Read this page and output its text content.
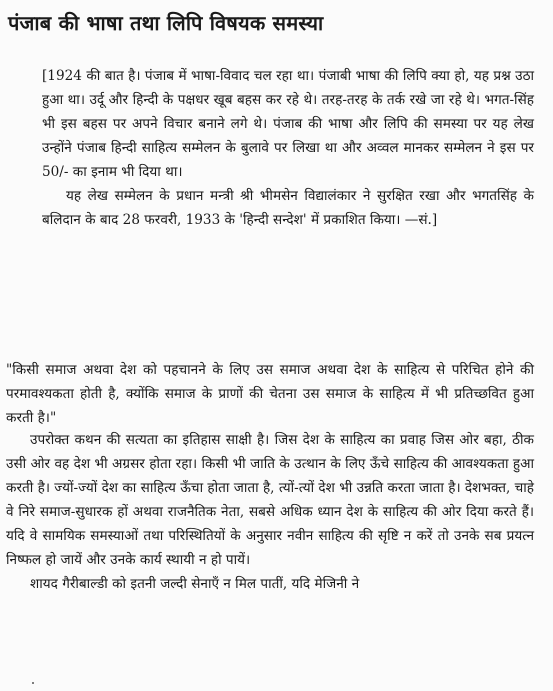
पंजाब की भाषा तथा लिपि विषयक समस्या

[1924 की बात है। पंजाब में भाषा-विवाद चल रहा था। पंजाबी भाषा की लिपि क्या हो, यह प्रश्न उठा हुआ था। उर्दू और हिन्दी के पक्षधर खूब बहस कर रहे थे। तरह-तरह के तर्क रखे जा रहे थे। भगत-सिंह भी इस बहस पर अपने विचार बनाने लगे थे। पंजाब की भाषा और लिपि की समस्या पर यह लेख उन्होंने पंजाब हिन्दी साहित्य सम्मेलन के बुलावे पर लिखा था और अव्वल मानकर सम्मेलन ने इस पर 50/- का इनाम भी दिया था।

यह लेख सम्मेलन के प्रधान मन्त्री श्री भीमसेन विद्यालंकार ने सुरक्षित रखा और भगतसिंह के बलिदान के बाद 28 फरवरी, 1933 के 'हिन्दी सन्देश' में प्रकाशित किया। —सं.]

"किसी समाज अथवा देश को पहचानने के लिए उस समाज अथवा देश के साहित्य से परिचित होने की परमावश्यकता होती है, क्योंकि समाज के प्राणों की चेतना उस समाज के साहित्य में भी प्रतिच्छवित हुआ करती है।"

उपरोक्त कथन की सत्यता का इतिहास साक्षी है। जिस देश के साहित्य का प्रवाह जिस ओर बहा, ठीक उसी ओर वह देश भी अग्रसर होता रहा। किसी भी जाति के उत्थान के लिए ऊँचे साहित्य की आवश्यकता हुआ करती है। ज्यों-ज्यों देश का साहित्य ऊँचा होता जाता है, त्यों-त्यों देश भी उन्नति करता जाता है। देशभक्त, चाहे वे निरे समाज-सुधारक हों अथवा राजनैतिक नेता, सबसे अधिक ध्यान देश के साहित्य की ओर दिया करते हैं। यदि वे सामयिक समस्याओं तथा परिस्थितियों के अनुसार नवीन साहित्य की सृष्टि न करें तो उनके सब प्रयत्न निष्फल हो जायें और उनके कार्य स्थायी न हो पायें।

शायद गैरीबाल्डी को इतनी जल्दी सेनाएँ न मिल पातीं, यदि मेजिनी ने
